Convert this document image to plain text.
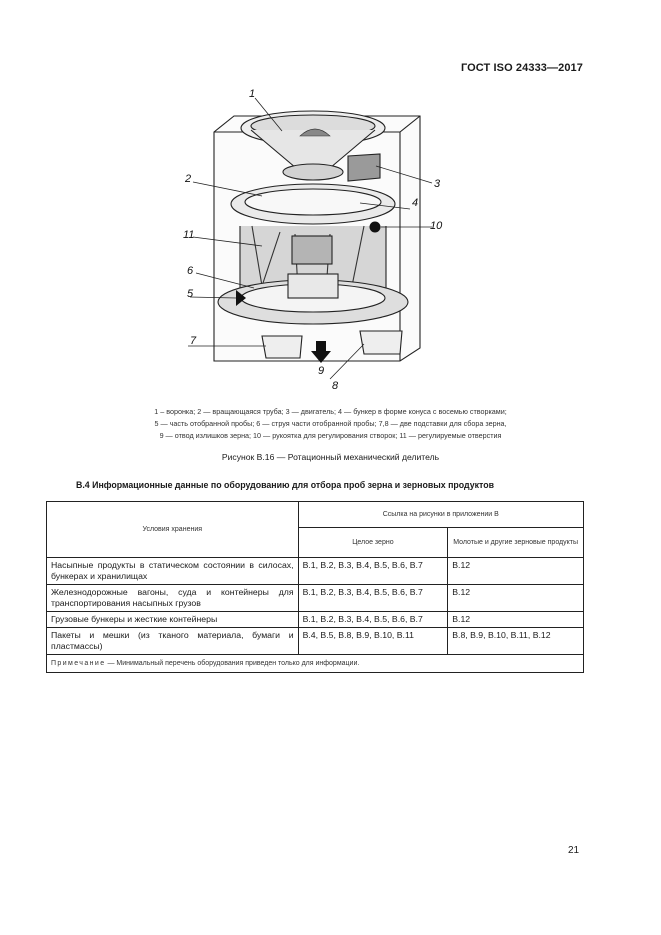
ГОСТ ISO 24333—2017
1
2	3
4
10
11
6
5
7
9
8
1 – воронка; 2 — вращающаяся труба; 3 — двигатель; 4 — бункер в форме конуса с восемью створками;
5 — часть отобранной пробы; 6 — струя части отобранной пробы; 7,8 — две подставки для сбора зерна,
9 — отвод излишков зерна; 10 — рукоятка для регулирования створок; 11 — регулируемые отверстия
Рисунок В.16 — Ротационный механический делитель
В.4 Информационные данные по оборудованию для отбора проб зерна и зерновых продуктов
Условия хранения	Ссылка на рисунки в приложении В	
	Целое зерно	Молотые и другие зерновые продукты
Насыпные продукты в статическом состоянии в силосах, бункерах и хранилищах	B.1, B.2, B.3, B.4, B.5, B.6, B.7	B.12
Железнодорожные вагоны, суда и контейнеры для транспортирования насыпных грузов	B.1, B.2, B.3, B.4, B.5, B.6, B.7	B.12
Грузовые бункеры и жесткие контейнеры	B.1, B.2, B.3, B.4, B.5, B.6, B.7	B.12
Пакеты и мешки (из тканого материала, бумаги и пластмассы)	B.4, B.5, B.8, B.9, B.10, B.11	B.8, B.9, B.10, B.11, B.12
Примечание — Минимальный перечень оборудования приведен только для информации.		
21
